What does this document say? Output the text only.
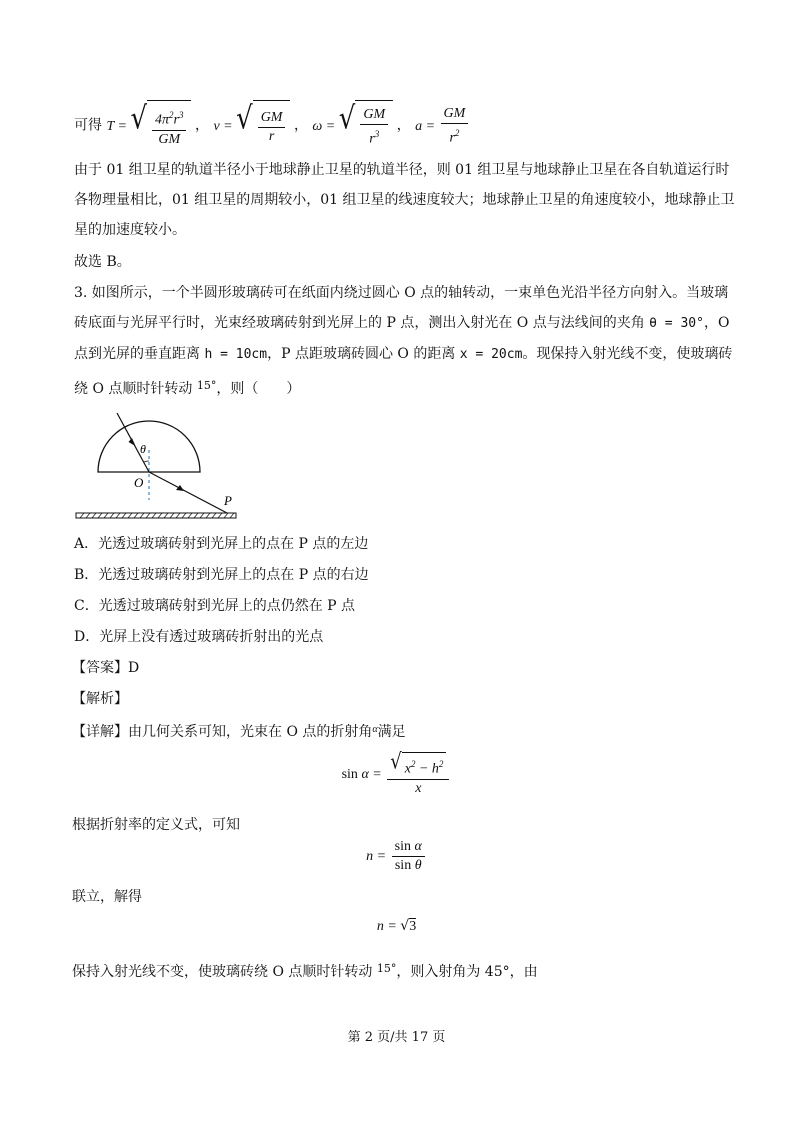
可得 T = √ $\frac{4\pi^2r^3}{GM}$ ， v = √ $\frac{GM}{r}$ ， ω = √ $\frac{GM}{r^3}$ ， $a = \frac{GM}{r^2}$
由于 01 组卫星的轨道半径小于地球静止卫星的轨道半径，则 01 组卫星与地球静止卫星在各自轨道运行时
各物理量相比，01 组卫星的周期较小，01 组卫星的线速度较大；地球静止卫星的角速度较小，地球静止卫
星的加速度较小。
故选 B。
3. 如图所示，一个半圆形玻璃砖可在纸面内绕过圆心 O 点的轴转动，一束单色光沿半径方向射入。当玻璃
砖底面与光屏平行时，光束经玻璃砖射到光屏上的 P 点，测出入射光在 O 点与法线间的夹角 θ = 30°，O
点到光屏的垂直距离 h = 10cm，P 点距玻璃砖圆心 O 的距离 x = 20cm。现保持入射光线不变，使玻璃砖
绕 O 点顺时针转动 $^{15^\circ}$，则（　　）
θ
O
P
A．光透过玻璃砖射到光屏上的点在 P 点的左边
B．光透过玻璃砖射到光屏上的点在 P 点的右边
C．光透过玻璃砖射到光屏上的点仍然在 P 点
D．光屏上没有透过玻璃砖折射出的光点
【答案】D
【解析】
【详解】由几何关系可知，光束在 O 点的折射角$^\alpha$满足
$\sin \alpha = \frac{√ x^2 - h^2}{x}$
根据折射率的定义式，可知
$n = \frac{\text{sin α}}{\text{sin θ}}$
联立，解得
n = √3
保持入射光线不变，使玻璃砖绕 O 点顺时针转动 $^{15^\circ}$，则入射角为 45°，由
第 2 页/共 17 页
